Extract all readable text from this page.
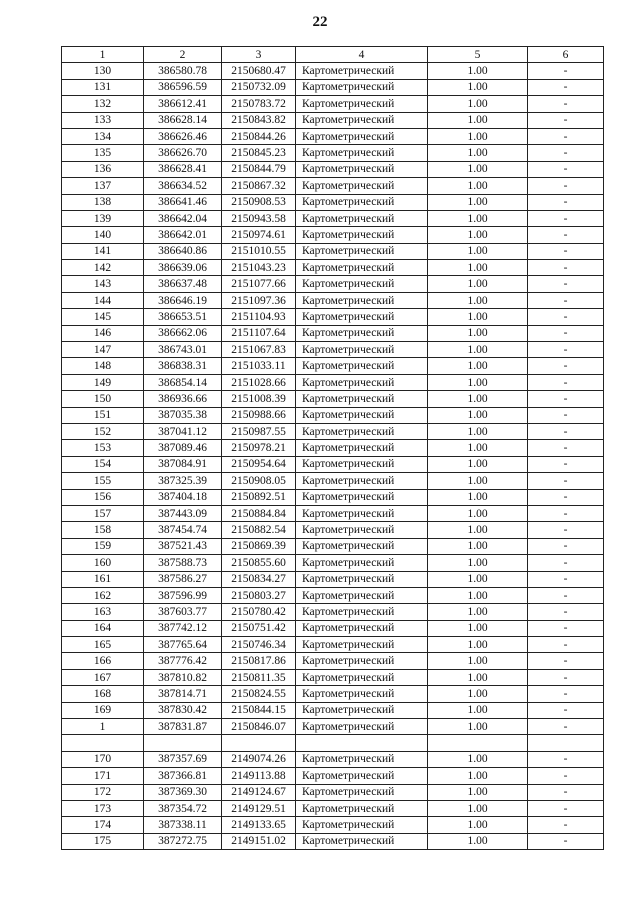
22
1	2	3	4	5	6
130	386580.78	2150680.47	Картометрический	1.00	-
131	386596.59	2150732.09	Картометрический	1.00	-
132	386612.41	2150783.72	Картометрический	1.00	-
133	386628.14	2150843.82	Картометрический	1.00	-
134	386626.46	2150844.26	Картометрический	1.00	-
135	386626.70	2150845.23	Картометрический	1.00	-
136	386628.41	2150844.79	Картометрический	1.00	-
137	386634.52	2150867.32	Картометрический	1.00	-
138	386641.46	2150908.53	Картометрический	1.00	-
139	386642.04	2150943.58	Картометрический	1.00	-
140	386642.01	2150974.61	Картометрический	1.00	-
141	386640.86	2151010.55	Картометрический	1.00	-
142	386639.06	2151043.23	Картометрический	1.00	-
143	386637.48	2151077.66	Картометрический	1.00	-
144	386646.19	2151097.36	Картометрический	1.00	-
145	386653.51	2151104.93	Картометрический	1.00	-
146	386662.06	2151107.64	Картометрический	1.00	-
147	386743.01	2151067.83	Картометрический	1.00	-
148	386838.31	2151033.11	Картометрический	1.00	-
149	386854.14	2151028.66	Картометрический	1.00	-
150	386936.66	2151008.39	Картометрический	1.00	-
151	387035.38	2150988.66	Картометрический	1.00	-
152	387041.12	2150987.55	Картометрический	1.00	-
153	387089.46	2150978.21	Картометрический	1.00	-
154	387084.91	2150954.64	Картометрический	1.00	-
155	387325.39	2150908.05	Картометрический	1.00	-
156	387404.18	2150892.51	Картометрический	1.00	-
157	387443.09	2150884.84	Картометрический	1.00	-
158	387454.74	2150882.54	Картометрический	1.00	-
159	387521.43	2150869.39	Картометрический	1.00	-
160	387588.73	2150855.60	Картометрический	1.00	-
161	387586.27	2150834.27	Картометрический	1.00	-
162	387596.99	2150803.27	Картометрический	1.00	-
163	387603.77	2150780.42	Картометрический	1.00	-
164	387742.12	2150751.42	Картометрический	1.00	-
165	387765.64	2150746.34	Картометрический	1.00	-
166	387776.42	2150817.86	Картометрический	1.00	-
167	387810.82	2150811.35	Картометрический	1.00	-
168	387814.71	2150824.55	Картометрический	1.00	-
169	387830.42	2150844.15	Картометрический	1.00	-
1	387831.87	2150846.07	Картометрический	1.00	-

170	387357.69	2149074.26	Картометрический	1.00	-
171	387366.81	2149113.88	Картометрический	1.00	-
172	387369.30	2149124.67	Картометрический	1.00	-
173	387354.72	2149129.51	Картометрический	1.00	-
174	387338.11	2149133.65	Картометрический	1.00	-
175	387272.75	2149151.02	Картометрический	1.00	-
